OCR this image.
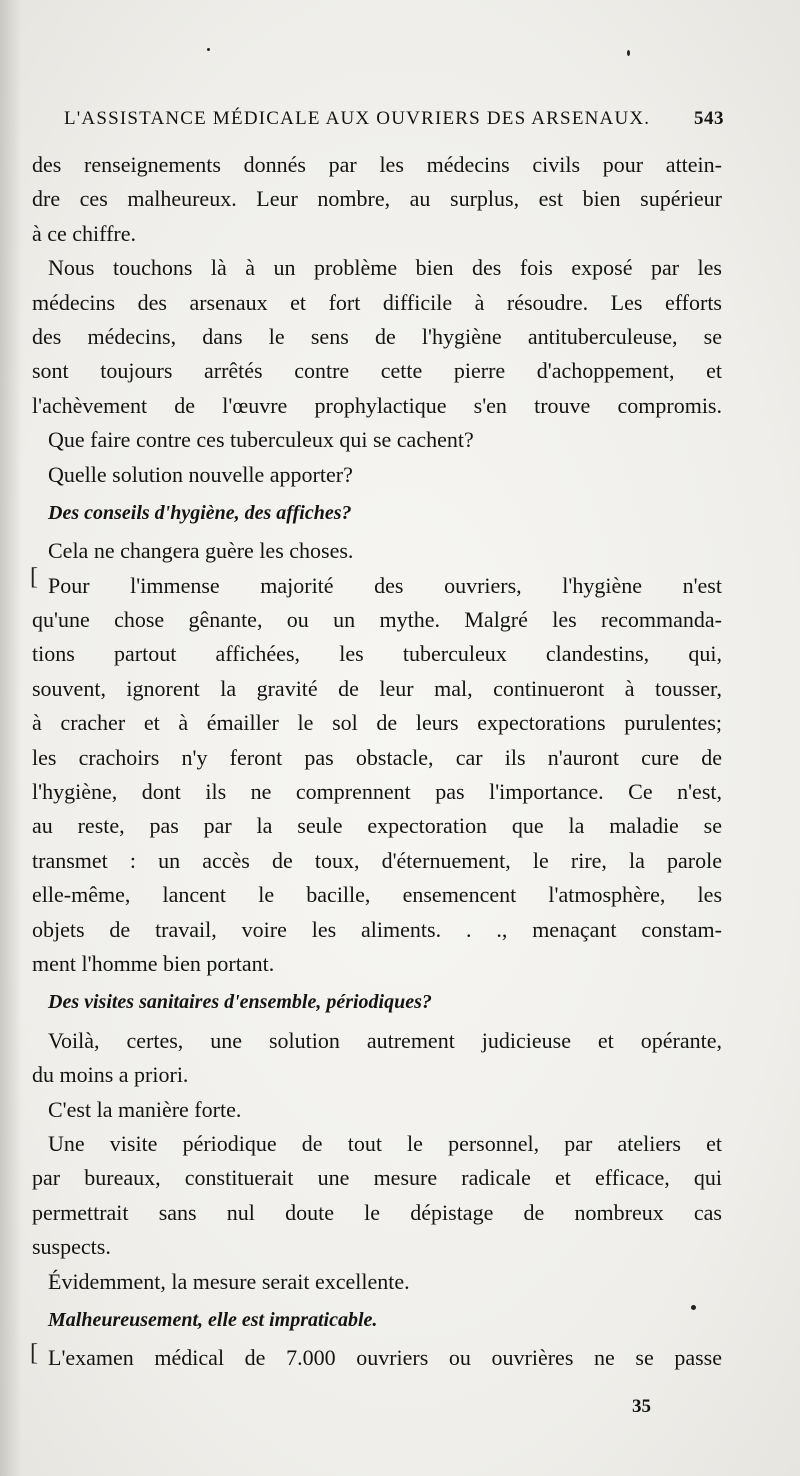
L'ASSISTANCE MÉDICALE AUX OUVRIERS DES ARSENAUX. 543
des renseignements donnés par les médecins civils pour attein-
dre ces malheureux. Leur nombre, au surplus, est bien supérieur
à ce chiffre.
Nous touchons là à un problème bien des fois exposé par les
médecins des arsenaux et fort difficile à résoudre. Les efforts
des médecins, dans le sens de l'hygiène antituberculeuse, se
sont toujours arrêtés contre cette pierre d'achoppement, et
l'achèvement de l'œuvre prophylactique s'en trouve compromis.
Que faire contre ces tuberculeux qui se cachent?
Quelle solution nouvelle apporter?
Des conseils d'hygiène, des affiches?
Cela ne changera guère les choses.
Pour l'immense majorité des ouvriers, l'hygiène n'est
qu'une chose gênante, ou un mythe. Malgré les recommanda-
tions partout affichées, les tuberculeux clandestins, qui,
souvent, ignorent la gravité de leur mal, continueront à tousser,
à cracher et à émailler le sol de leurs expectorations purulentes;
les crachoirs n'y feront pas obstacle, car ils n'auront cure de
l'hygiène, dont ils ne comprennent pas l'importance. Ce n'est,
au reste, pas par la seule expectoration que la maladie se
transmet : un accès de toux, d'éternuement, le rire, la parole
elle-même, lancent le bacille, ensemencent l'atmosphère, les
objets de travail, voire les aliments. . ., menaçant constam-
ment l'homme bien portant.
Des visites sanitaires d'ensemble, périodiques?
Voilà, certes, une solution autrement judicieuse et opérante,
du moins a priori.
C'est la manière forte.
Une visite périodique de tout le personnel, par ateliers et
par bureaux, constituerait une mesure radicale et efficace, qui
permettrait sans nul doute le dépistage de nombreux cas
suspects.
Évidemment, la mesure serait excellente.
Malheureusement, elle est impraticable.
L'examen médical de 7.000 ouvriers ou ouvrières ne se passe
[
[
35
